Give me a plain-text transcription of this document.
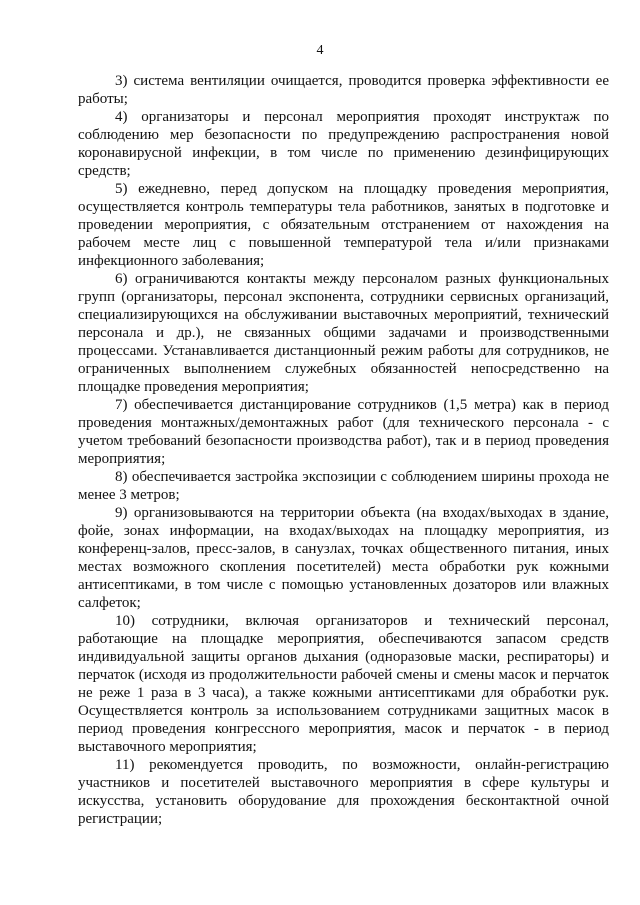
4

3) система вентиляции очищается, проводится проверка эффективности ее работы;

4) организаторы и персонал мероприятия проходят инструктаж по соблюдению мер безопасности по предупреждению распространения новой коронавирусной инфекции, в том числе по применению дезинфицирующих средств;

5) ежедневно, перед допуском на площадку проведения мероприятия, осуществляется контроль температуры тела работников, занятых в подготовке и проведении мероприятия, с обязательным отстранением от нахождения на рабочем месте лиц с повышенной температурой тела и/или признаками инфекционного заболевания;

6) ограничиваются контакты между персоналом разных функциональных групп (организаторы, персонал экспонента, сотрудники сервисных организаций, специализирующихся на обслуживании выставочных мероприятий, технический персонала и др.), не связанных общими задачами и производственными процессами. Устанавливается дистанционный режим работы для сотрудников, не ограниченных выполнением служебных обязанностей непосредственно на площадке проведения мероприятия;

7) обеспечивается дистанцирование сотрудников (1,5 метра) как в период проведения монтажных/демонтажных работ (для технического персонала - с учетом требований безопасности производства работ), так и в период проведения мероприятия;

8) обеспечивается застройка экспозиции с соблюдением ширины прохода не менее 3 метров;

9) организовываются на территории объекта (на входах/выходах в здание, фойе, зонах информации, на входах/выходах на площадку мероприятия, из конференц-залов, пресс-залов, в санузлах, точках общественного питания, иных местах возможного скопления посетителей) места обработки рук кожными антисептиками, в том числе с помощью установленных дозаторов или влажных салфеток;

10) сотрудники, включая организаторов и технический персонал, работающие на площадке мероприятия, обеспечиваются запасом средств индивидуальной защиты органов дыхания (одноразовые маски, респираторы) и перчаток (исходя из продолжительности рабочей смены и смены масок и перчаток не реже 1 раза в 3 часа), а также кожными антисептиками для обработки рук. Осуществляется контроль за использованием сотрудниками защитных масок в период проведения конгрессного мероприятия, масок и перчаток - в период выставочного мероприятия;

11) рекомендуется проводить, по возможности, онлайн-регистрацию участников и посетителей выставочного мероприятия в сфере культуры и искусства, установить оборудование для прохождения бесконтактной очной регистрации;
